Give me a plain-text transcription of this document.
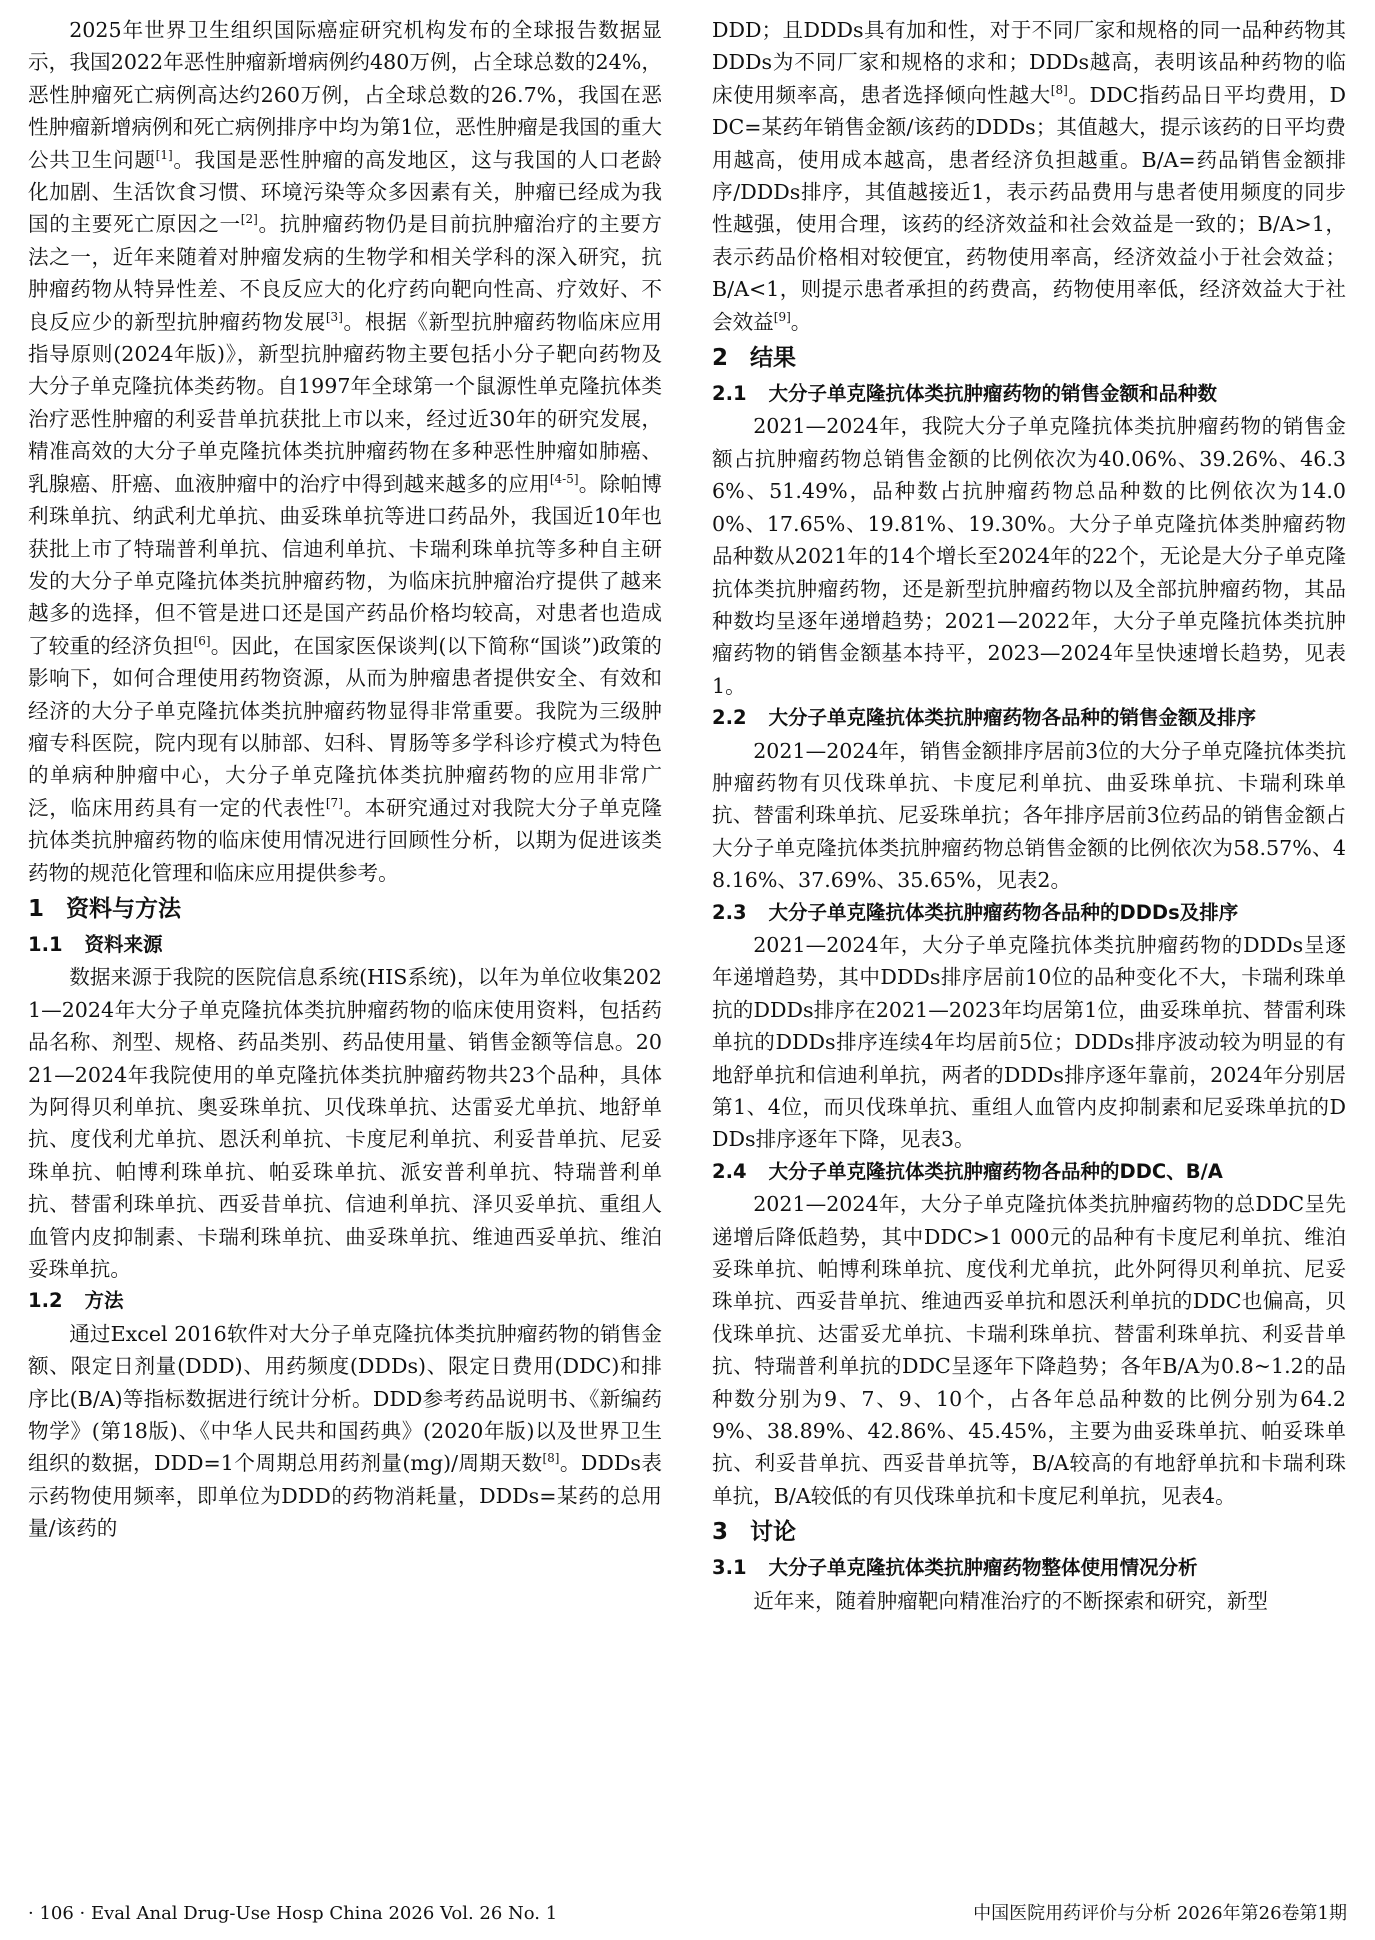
2025年世界卫生组织国际癌症研究机构发布的全球报告数据显示，我国2022年恶性肿瘤新增病例约480万例，占全球总数的24%，恶性肿瘤死亡病例高达约260万例，占全球总数的26.7%，我国在恶性肿瘤新增病例和死亡病例排序中均为第1位，恶性肿瘤是我国的重大公共卫生问题[1]。我国是恶性肿瘤的高发地区，这与我国的人口老龄化加剧、生活饮食习惯、环境污染等众多因素有关，肿瘤已经成为我国的主要死亡原因之一[2]。抗肿瘤药物仍是目前抗肿瘤治疗的主要方法之一，近年来随着对肿瘤发病的生物学和相关学科的深入研究，抗肿瘤药物从特异性差、不良反应大的化疗药向靶向性高、疗效好、不良反应少的新型抗肿瘤药物发展[3]。根据《新型抗肿瘤药物临床应用指导原则(2024年版)》，新型抗肿瘤药物主要包括小分子靶向药物及大分子单克隆抗体类药物。自1997年全球第一个鼠源性单克隆抗体类治疗恶性肿瘤的利妥昔单抗获批上市以来，经过近30年的研究发展，精准高效的大分子单克隆抗体类抗肿瘤药物在多种恶性肿瘤如肺癌、乳腺癌、肝癌、血液肿瘤中的治疗中得到越来越多的应用[4-5]。除帕博利珠单抗、纳武利尤单抗、曲妥珠单抗等进口药品外，我国近10年也获批上市了特瑞普利单抗、信迪利单抗、卡瑞利珠单抗等多种自主研发的大分子单克隆抗体类抗肿瘤药物，为临床抗肿瘤治疗提供了越来越多的选择，但不管是进口还是国产药品价格均较高，对患者也造成了较重的经济负担[6]。因此，在国家医保谈判(以下简称“国谈”)政策的影响下，如何合理使用药物资源，从而为肿瘤患者提供安全、有效和经济的大分子单克隆抗体类抗肿瘤药物显得非常重要。我院为三级肿瘤专科医院，院内现有以肺部、妇科、胃肠等多学科诊疗模式为特色的单病种肿瘤中心，大分子单克隆抗体类抗肿瘤药物的应用非常广泛，临床用药具有一定的代表性[7]。本研究通过对我院大分子单克隆抗体类抗肿瘤药物的临床使用情况进行回顾性分析，以期为促进该类药物的规范化管理和临床应用提供参考。

1 资料与方法
1.1 资料来源

数据来源于我院的医院信息系统(HIS系统)，以年为单位收集2021—2024年大分子单克隆抗体类抗肿瘤药物的临床使用资料，包括药品名称、剂型、规格、药品类别、药品使用量、销售金额等信息。2021—2024年我院使用的单克隆抗体类抗肿瘤药物共23个品种，具体为阿得贝利单抗、奥妥珠单抗、贝伐珠单抗、达雷妥尤单抗、地舒单抗、度伐利尤单抗、恩沃利单抗、卡度尼利单抗、利妥昔单抗、尼妥珠单抗、帕博利珠单抗、帕妥珠单抗、派安普利单抗、特瑞普利单抗、替雷利珠单抗、西妥昔单抗、信迪利单抗、泽贝妥单抗、重组人血管内皮抑制素、卡瑞利珠单抗、曲妥珠单抗、维迪西妥单抗、维泊妥珠单抗。

1.2 方法

通过Excel 2016软件对大分子单克隆抗体类抗肿瘤药物的销售金额、限定日剂量(DDD)、用药频度(DDDs)、限定日费用(DDC)和排序比(B/A)等指标数据进行统计分析。DDD参考药品说明书、《新编药物学》(第18版)、《中华人民共和国药典》(2020年版)以及世界卫生组织的数据，DDD=1个周期总用药剂量(mg)/周期天数[8]。DDDs表示药物使用频率，即单位为DDD的药物消耗量，DDDs=某药的总用量/该药的

DDD；且DDDs具有加和性，对于不同厂家和规格的同一品种药物其DDDs为不同厂家和规格的求和；DDDs越高，表明该品种药物的临床使用频率高，患者选择倾向性越大[8]。DDC指药品日平均费用，DDC=某药年销售金额/该药的DDDs；其值越大，提示该药的日平均费用越高，使用成本越高，患者经济负担越重。B/A=药品销售金额排序/DDDs排序，其值越接近1，表示药品费用与患者使用频度的同步性越强，使用合理，该药的经济效益和社会效益是一致的；B/A>1，表示药品价格相对较便宜，药物使用率高，经济效益小于社会效益；B/A<1，则提示患者承担的药费高，药物使用率低，经济效益大于社会效益[9]。

2 结果
2.1 大分子单克隆抗体类抗肿瘤药物的销售金额和品种数

2021—2024年，我院大分子单克隆抗体类抗肿瘤药物的销售金额占抗肿瘤药物总销售金额的比例依次为40.06%、39.26%、46.36%、51.49%，品种数占抗肿瘤药物总品种数的比例依次为14.00%、17.65%、19.81%、19.30%。大分子单克隆抗体类肿瘤药物品种数从2021年的14个增长至2024年的22个，无论是大分子单克隆抗体类抗肿瘤药物，还是新型抗肿瘤药物以及全部抗肿瘤药物，其品种数均呈逐年递增趋势；2021—2022年，大分子单克隆抗体类抗肿瘤药物的销售金额基本持平，2023—2024年呈快速增长趋势，见表1。

2.2 大分子单克隆抗体类抗肿瘤药物各品种的销售金额及排序

2021—2024年，销售金额排序居前3位的大分子单克隆抗体类抗肿瘤药物有贝伐珠单抗、卡度尼利单抗、曲妥珠单抗、卡瑞利珠单抗、替雷利珠单抗、尼妥珠单抗；各年排序居前3位药品的销售金额占大分子单克隆抗体类抗肿瘤药物总销售金额的比例依次为58.57%、48.16%、37.69%、35.65%，见表2。

2.3 大分子单克隆抗体类抗肿瘤药物各品种的DDDs及排序

2021—2024年，大分子单克隆抗体类抗肿瘤药物的DDDs呈逐年递增趋势，其中DDDs排序居前10位的品种变化不大，卡瑞利珠单抗的DDDs排序在2021—2023年均居第1位，曲妥珠单抗、替雷利珠单抗的DDDs排序连续4年均居前5位；DDDs排序波动较为明显的有地舒单抗和信迪利单抗，两者的DDDs排序逐年靠前，2024年分别居第1、4位，而贝伐珠单抗、重组人血管内皮抑制素和尼妥珠单抗的DDDs排序逐年下降，见表3。

2.4 大分子单克隆抗体类抗肿瘤药物各品种的DDC、B/A

2021—2024年，大分子单克隆抗体类抗肿瘤药物的总DDC呈先递增后降低趋势，其中DDC>1 000元的品种有卡度尼利单抗、维泊妥珠单抗、帕博利珠单抗、度伐利尤单抗，此外阿得贝利单抗、尼妥珠单抗、西妥昔单抗、维迪西妥单抗和恩沃利单抗的DDC也偏高，贝伐珠单抗、达雷妥尤单抗、卡瑞利珠单抗、替雷利珠单抗、利妥昔单抗、特瑞普利单抗的DDC呈逐年下降趋势；各年B/A为0.8~1.2的品种数分别为9、7、9、10个，占各年总品种数的比例分别为64.29%、38.89%、42.86%、45.45%，主要为曲妥珠单抗、帕妥珠单抗、利妥昔单抗、西妥昔单抗等，B/A较高的有地舒单抗和卡瑞利珠单抗，B/A较低的有贝伐珠单抗和卡度尼利单抗，见表4。

3 讨论
3.1 大分子单克隆抗体类抗肿瘤药物整体使用情况分析

近年来，随着肿瘤靶向精准治疗的不断探索和研究，新型

· 106 · Eval Anal Drug-Use Hosp China 2026 Vol. 26 No. 1	中国医院用药评价与分析 2026年第26卷第1期
